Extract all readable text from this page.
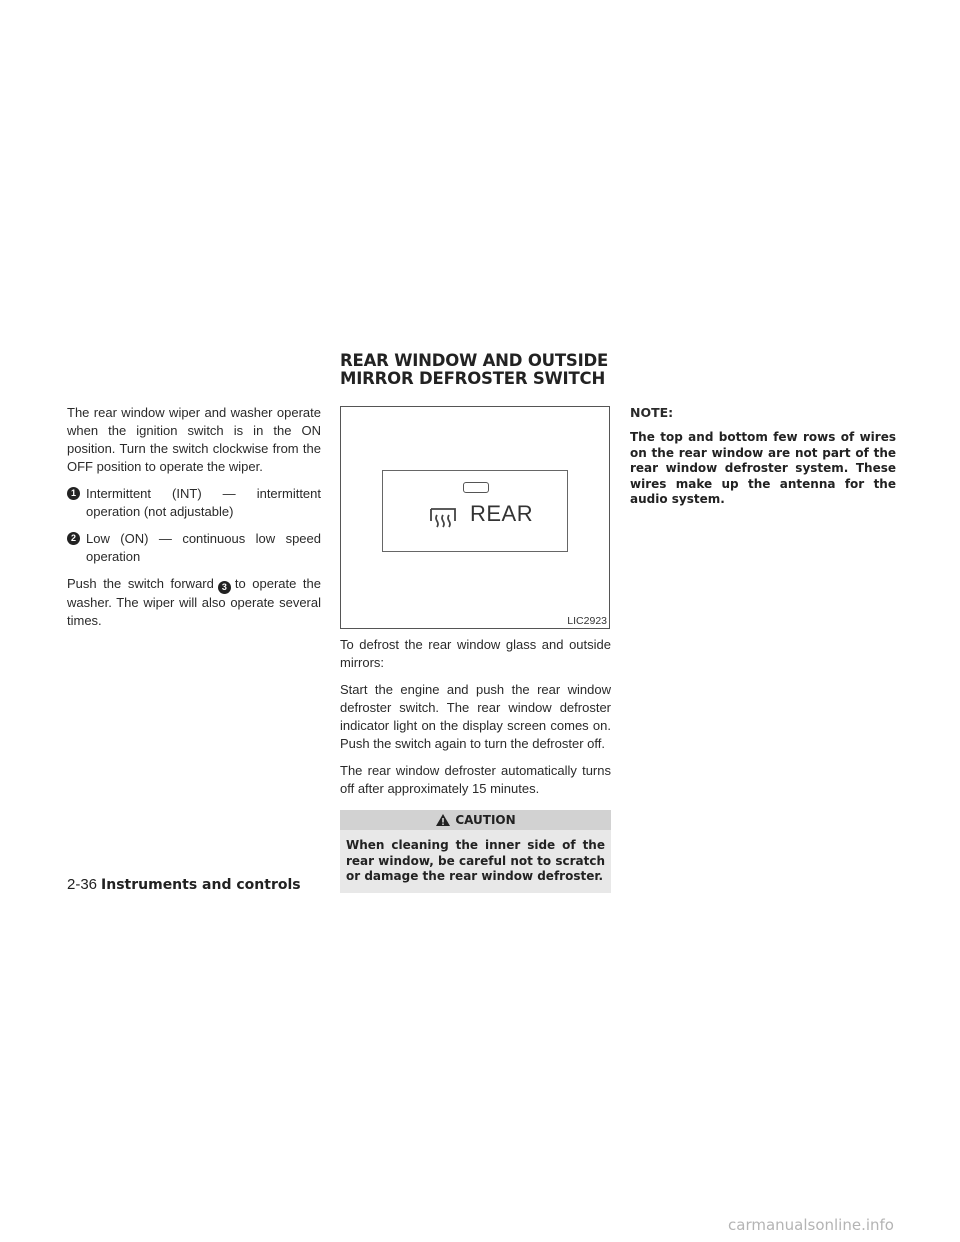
REAR WINDOW AND OUTSIDE
MIRROR DEFROSTER SWITCH

The rear window wiper and washer operate when the ignition switch is in the ON position. Turn the switch clockwise from the OFF position to operate the wiper.

1 Intermittent (INT) — intermittent operation (not adjustable)
2 Low (ON) — continuous low speed operation

Push the switch forward 3 to operate the washer. The wiper will also operate several times.

REAR
LIC2923

To defrost the rear window glass and outside mirrors:

Start the engine and push the rear window defroster switch. The rear window defroster indicator light on the display screen comes on. Push the switch again to turn the defroster off.

The rear window defroster automatically turns off after approximately 15 minutes.

CAUTION
When cleaning the inner side of the rear window, be careful not to scratch or damage the rear window defroster.
NOTE:
The top and bottom few rows of wires on the rear window are not part of the rear window defroster system. These wires make up the antenna for the audio system.
2-36 Instruments and controls
carmanualsonline.info
